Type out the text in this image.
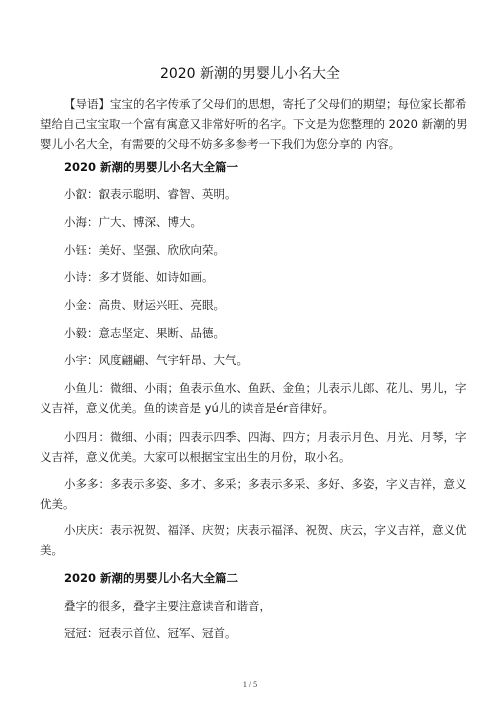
2020 新潮的男婴儿小名大全

【导语】宝宝的名字传承了父母们的思想，寄托了父母们的期望；每位家长都希望给自己宝宝取一个富有寓意又非常好听的名字。下文是为您整理的 2020 新潮的男婴儿小名大全，有需要的父母不妨多多参考一下我们为您分享的 内容。

2020 新潮的男婴儿小名大全篇一

小叡：叡表示聪明、睿智、英明。

小海：广大、博深、博大。

小钰：美好、坚强、欣欣向荣。

小诗：多才贤能、如诗如画。

小金：高贵、财运兴旺、亮眼。

小毅：意志坚定、果断、品德。

小宇：风度翩翩、气宇轩昂、大气。

小鱼儿：微细、小雨；鱼表示鱼水、鱼跃、金鱼；儿表示儿郎、花儿、男儿，字义吉祥，意义优美。鱼的读音是 yú儿的读音是ér音律好。

小四月：微细、小雨；四表示四季、四海、四方；月表示月色、月光、月琴，字义吉祥，意义优美。大家可以根据宝宝出生的月份，取小名。

小多多：多表示多姿、多才、多采；多表示多采、多好、多姿，字义吉祥，意义优美。

小庆庆：表示祝贺、福泽、庆贺；庆表示福泽、祝贺、庆云，字义吉祥，意义优美。

2020 新潮的男婴儿小名大全篇二

叠字的很多，叠字主要注意读音和谐音，

冠冠：冠表示首位、冠军、冠首。

1 / 5
